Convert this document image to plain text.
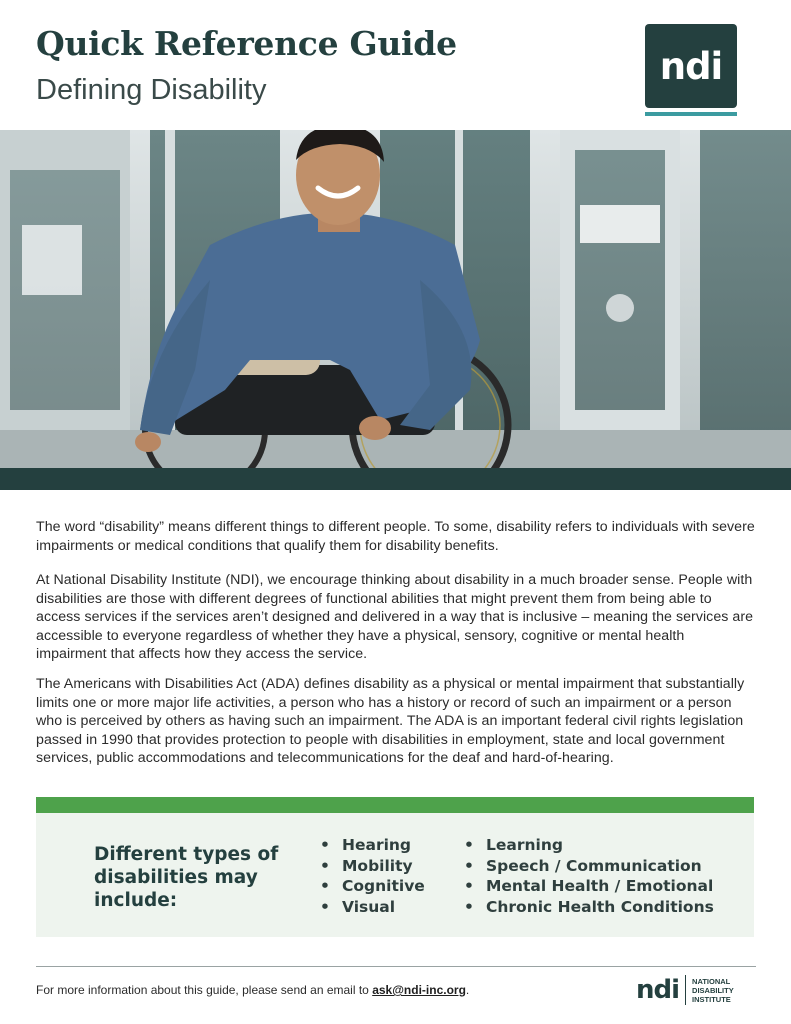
Quick Reference Guide
Defining Disability
ndi

The word “disability” means different things to different people. To some, disability refers to individuals with severe impairments or medical conditions that qualify them for disability benefits.

At National Disability Institute (NDI), we encourage thinking about disability in a much broader sense. People with disabilities are those with different degrees of functional abilities that might prevent them from being able to access services if the services aren’t designed and delivered in a way that is inclusive – meaning the services are accessible to everyone regardless of whether they have a physical, sensory, cognitive or mental health impairment that affects how they access the service.

The Americans with Disabilities Act (ADA) defines disability as a physical or mental impairment that substantially limits one or more major life activities, a person who has a history or record of such an impairment or a person who is perceived by others as having such an impairment. The ADA is an important federal civil rights legislation passed in 1990 that provides protection to people with disabilities in employment, state and local government services, public accommodations and telecommunications for the deaf and hard-of-hearing.

Different types of disabilities may include:
• Hearing
• Mobility
• Cognitive
• Visual
• Learning
• Speech / Communication
• Mental Health / Emotional
• Chronic Health Conditions
For more information about this guide, please send an email to ask@ndi-inc.org.	ndi NATIONAL
DISABILITY
INSTITUTE
